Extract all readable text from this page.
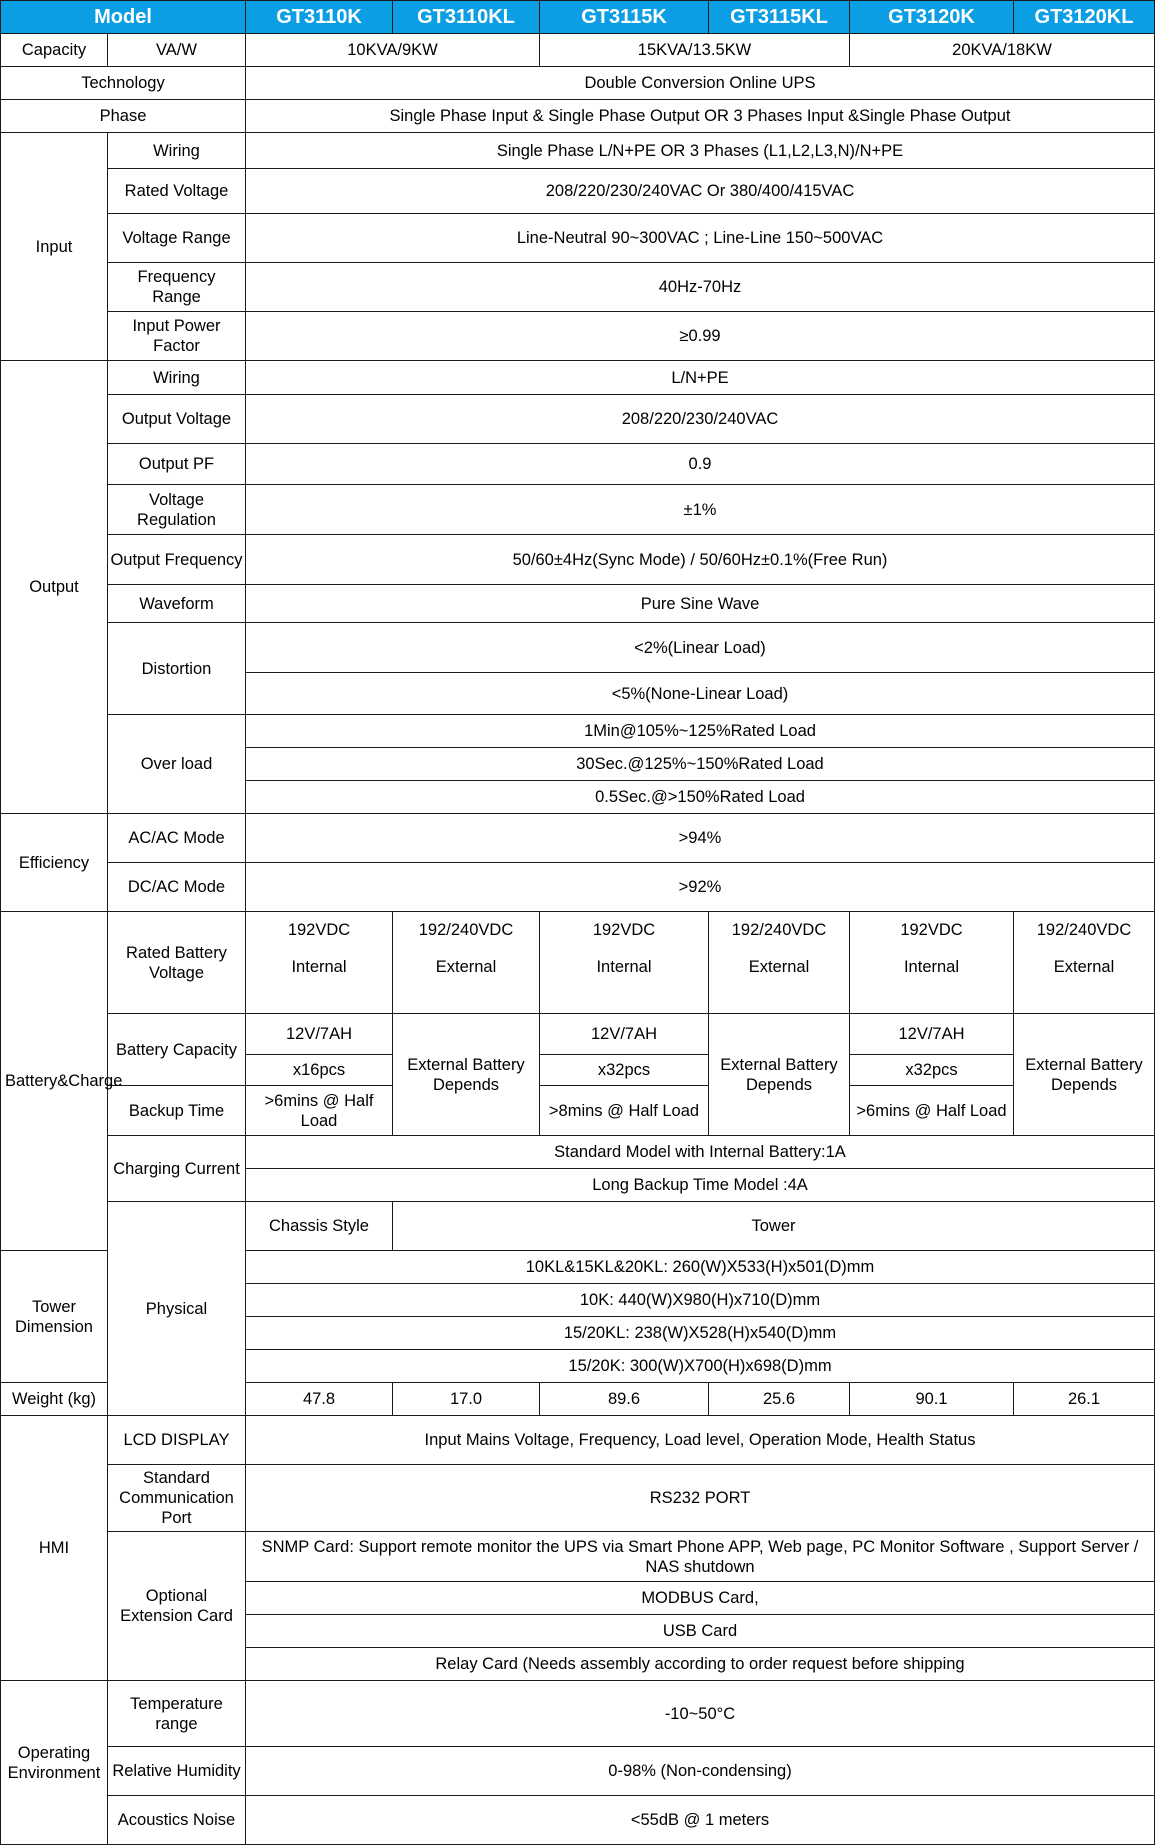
Model		GT3110K	GT3110KL	GT3115K	GT3115KL	GT3120K	GT3120KL
Capacity	VA/W	10KVA/9KW		15KVA/13.5KW		20KVA/18KW	
Technology		Double Conversion Online UPS					
Phase		Single Phase Input & Single Phase Output OR 3 Phases Input &Single Phase Output					
Input	Wiring	Single Phase L/N+PE OR 3 Phases (L1,L2,L3,N)/N+PE					
	Rated Voltage	208/220/230/240VAC Or 380/400/415VAC					
	Voltage Range	Line-Neutral 90~300VAC ; Line-Line 150~500VAC					
	Frequency Range	40Hz-70Hz					
	Input Power Factor	≥0.99					
Output	Wiring	L/N+PE					
	Output Voltage	208/220/230/240VAC					
	Output PF	0.9					
	Voltage Regulation	±1%					
	Output Frequency	50/60±4Hz(Sync Mode) / 50/60Hz±0.1%(Free Run)					
	Waveform	Pure Sine Wave					
	Distortion	<2%(Linear Load)					
		<5%(None-Linear Load)					
	Over load	1Min@105%~125%Rated Load					
		30Sec.@125%~150%Rated Load					
		0.5Sec.@>150%Rated Load					
Efficiency	AC/AC Mode	>94%					
	DC/AC Mode	>92%					
Battery&Charge	Rated Battery Voltage	192VDC	192/240VDC	192VDC	192/240VDC	192VDC	192/240VDC
		Internal	External	Internal	External	Internal	External

	Battery Capacity	12V/7AH	External Battery Depends	12V/7AH	External Battery Depends	12V/7AH	External Battery Depends
		x16pcs		x32pcs		x32pcs	
	Backup Time	>6mins @ Half Load		>8mins @ Half Load		>6mins @ Half Load	
	Charging Current	Standard Model with Internal Battery:1A					
		Long Backup Time Model :4A					
	Physical	Chassis Style	Tower				
Tower Dimension		10KL&15KL&20KL: 260(W)X533(H)x501(D)mm					
		10K: 440(W)X980(H)x710(D)mm					
		15/20KL: 238(W)X528(H)x540(D)mm					
		15/20K: 300(W)X700(H)x698(D)mm					
Weight (kg)		47.8	17.0	89.6	25.6	90.1	26.1
HMI	LCD DISPLAY	Input Mains Voltage, Frequency, Load level, Operation Mode, Health Status					
	Standard Communication Port	RS232 PORT					
	Optional Extension Card	SNMP Card: Support remote monitor the UPS via Smart Phone APP, Web page, PC Monitor Software , Support Server / NAS shutdown					
		MODBUS Card,					
		USB Card					
		Relay Card (Needs assembly according to order request before shipping					
Operating Environment	Temperature range	-10~50°C					
	Relative Humidity	0-98% (Non-condensing)					
	Acoustics Noise	<55dB @ 1 meters					
